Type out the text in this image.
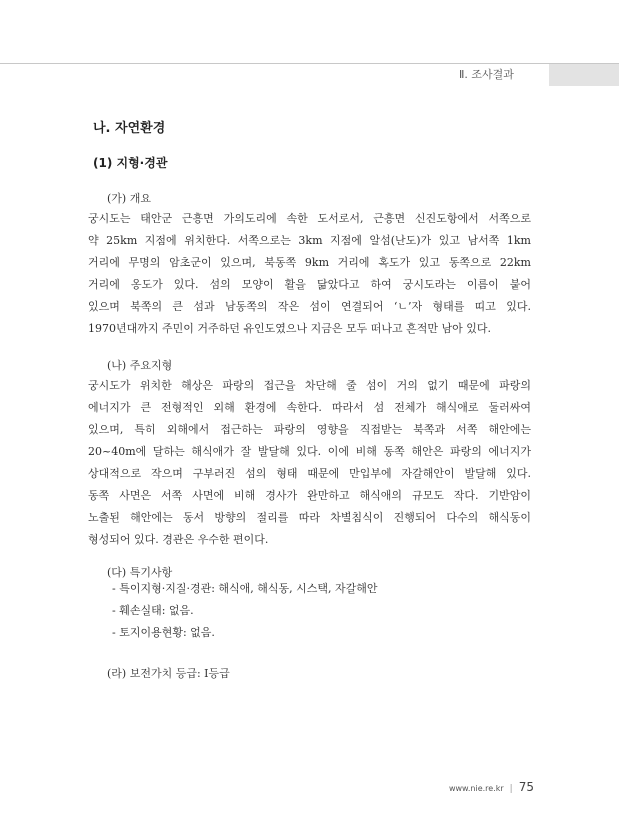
Ⅱ. 조사결과
나. 자연환경
(1) 지형·경관
(가) 개요
궁시도는 태안군 근흥면 가의도리에 속한 도서로서, 근흥면 신진도항에서 서쪽으로
약 25km 지점에 위치한다. 서쪽으로는 3km 지점에 알섬(난도)가 있고 남서쪽 1km
거리에 무명의 암초군이 있으며, 북동쪽 9km 거리에 혹도가 있고 동쪽으로 22km
거리에 옹도가 있다. 섬의 모양이 활을 닮았다고 하여 궁시도라는 이름이 붙어
있으며 북쪽의 큰 섬과 남동쪽의 작은 섬이 연결되어 ‘ㄴ’자 형태를 띠고 있다.
1970년대까지 주민이 거주하던 유인도였으나 지금은 모두 떠나고 흔적만 남아 있다.
(나) 주요지형
궁시도가 위치한 해상은 파랑의 접근을 차단해 줄 섬이 거의 없기 때문에 파랑의
에너지가 큰 전형적인 외해 환경에 속한다. 따라서 섬 전체가 해식애로 둘러싸여
있으며, 특히 외해에서 접근하는 파랑의 영향을 직접받는 북쪽과 서쪽 해안에는
20~40m에 달하는 해식애가 잘 발달해 있다. 이에 비해 동쪽 해안은 파랑의 에너지가
상대적으로 작으며 구부러진 섬의 형태 때문에 만입부에 자갈해안이 발달해 있다.
동쪽 사면은 서쪽 사면에 비해 경사가 완만하고 해식애의 규모도 작다. 기반암이
노출된 해안에는 동서 방향의 절리를 따라 차별침식이 진행되어 다수의 해식동이
형성되어 있다. 경관은 우수한 편이다.
(다) 특기사항
- 특이지형·지질·경관: 해식애, 해식동, 시스택, 자갈해안
- 훼손실태: 없음.
- 토지이용현황: 없음.
(라) 보전가치 등급: Ⅰ등급
www.nie.re.kr | 75
